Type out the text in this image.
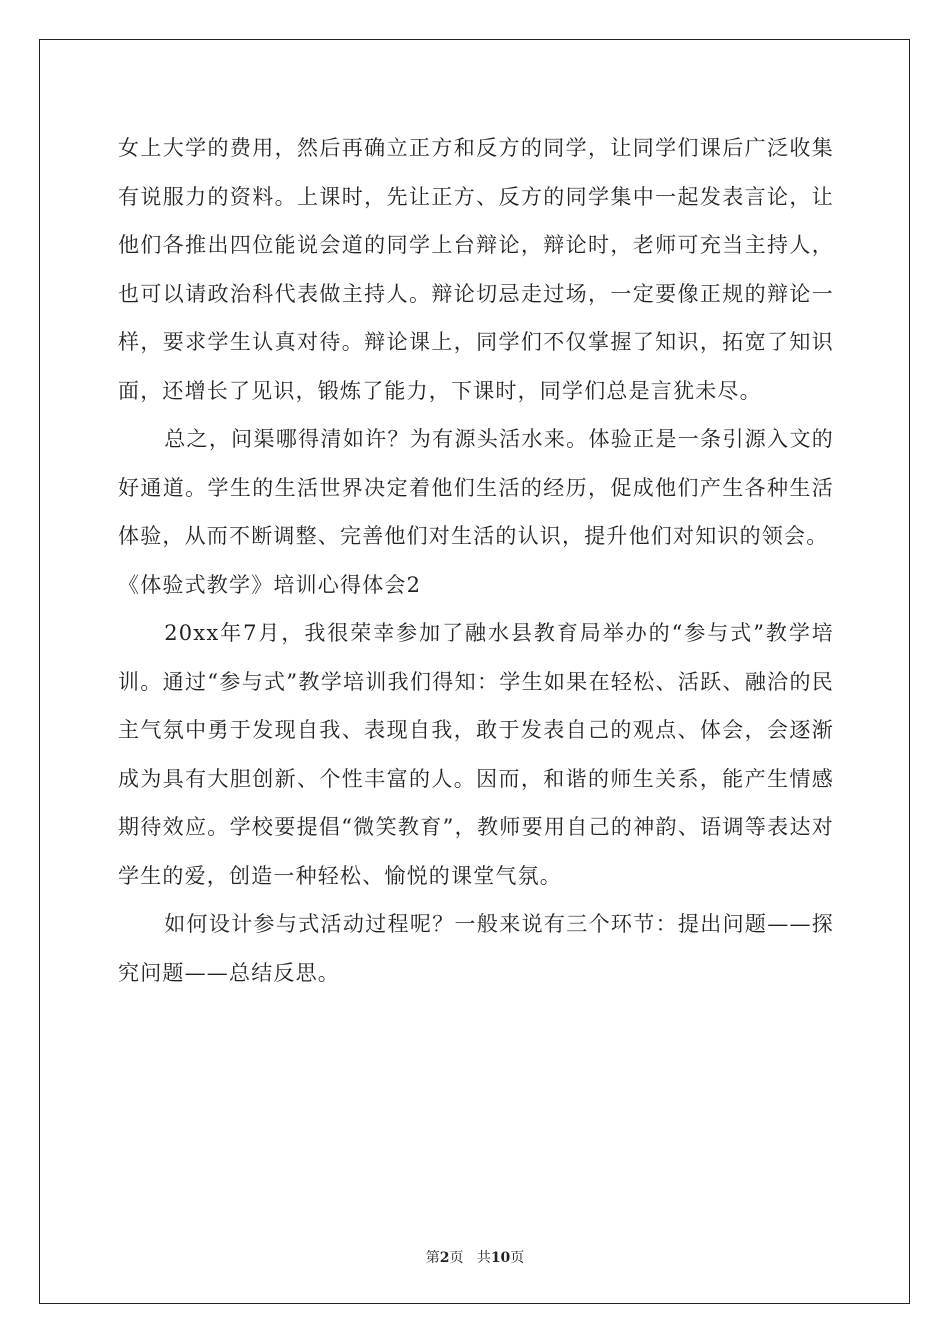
女上大学的费用，然后再确立正方和反方的同学，让同学们课后广泛收集有说服力的资料。上课时，先让正方、反方的同学集中一起发表言论，让他们各推出四位能说会道的同学上台辩论，辩论时，老师可充当主持人，也可以请政治科代表做主持人。辩论切忌走过场，一定要像正规的辩论一样，要求学生认真对待。辩论课上，同学们不仅掌握了知识，拓宽了知识面，还增长了见识，锻炼了能力，下课时，同学们总是言犹未尽。

总之，问渠哪得清如许？为有源头活水来。体验正是一条引源入文的好通道。学生的生活世界决定着他们生活的经历，促成他们产生各种生活体验，从而不断调整、完善他们对生活的认识，提升他们对知识的领会。

《体验式教学》培训心得体会2

20xx年7月，我很荣幸参加了融水县教育局举办的“参与式”教学培训。通过“参与式”教学培训我们得知：学生如果在轻松、活跃、融洽的民主气氛中勇于发现自我、表现自我，敢于发表自己的观点、体会，会逐渐成为具有大胆创新、个性丰富的人。因而，和谐的师生关系，能产生情感期待效应。学校要提倡“微笑教育”，教师要用自己的神韵、语调等表达对学生的爱，创造一种轻松、愉悦的课堂气氛。

如何设计参与式活动过程呢？一般来说有三个环节：提出问题——探究问题——总结反思。

第2页 共10页
